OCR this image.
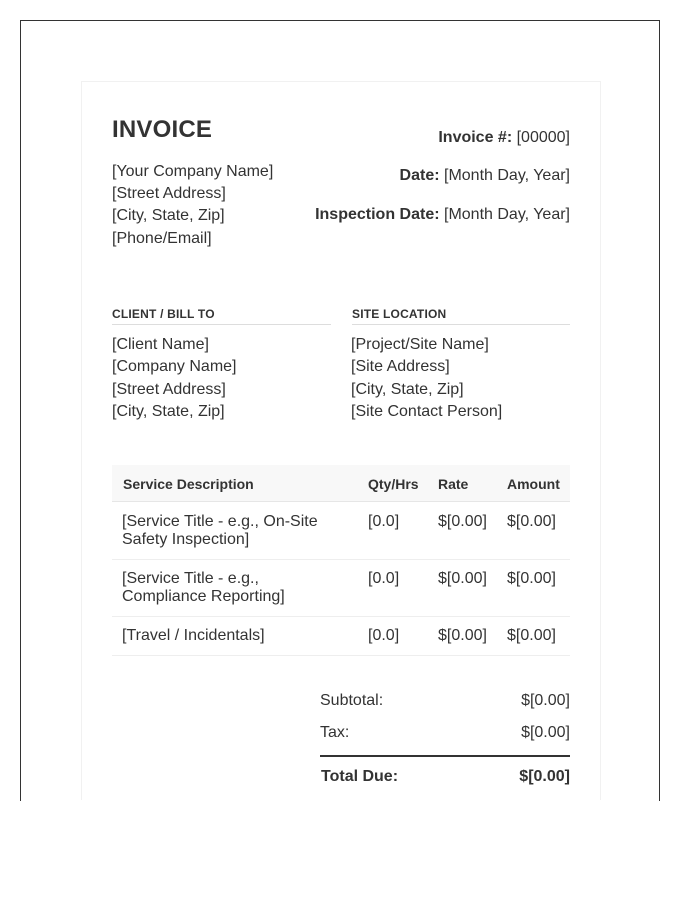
INVOICE
[Your Company Name]
[Street Address]
[City, State, Zip]
[Phone/Email]
Invoice #: [00000]
Date: [Month Day, Year]
Inspection Date: [Month Day, Year]
CLIENT / BILL TO
[Client Name]
[Company Name]
[Street Address]
[City, State, Zip]
SITE LOCATION
[Project/Site Name]
[Site Address]
[City, State, Zip]
[Site Contact Person]
Service Description	Qty/Hrs Rate	Amount
[Service Title - e.g., On-Site
Safety Inspection]
[0.0] $[0.00] $[0.00]
[Service Title - e.g.,
Compliance Reporting]
[0.0] $[0.00] $[0.00]
[Travel / Incidentals]	[0.0] $[0.00] $[0.00]
Subtotal:	$[0.00]
Tax:	$[0.00]
Total Due:	$[0.00]
